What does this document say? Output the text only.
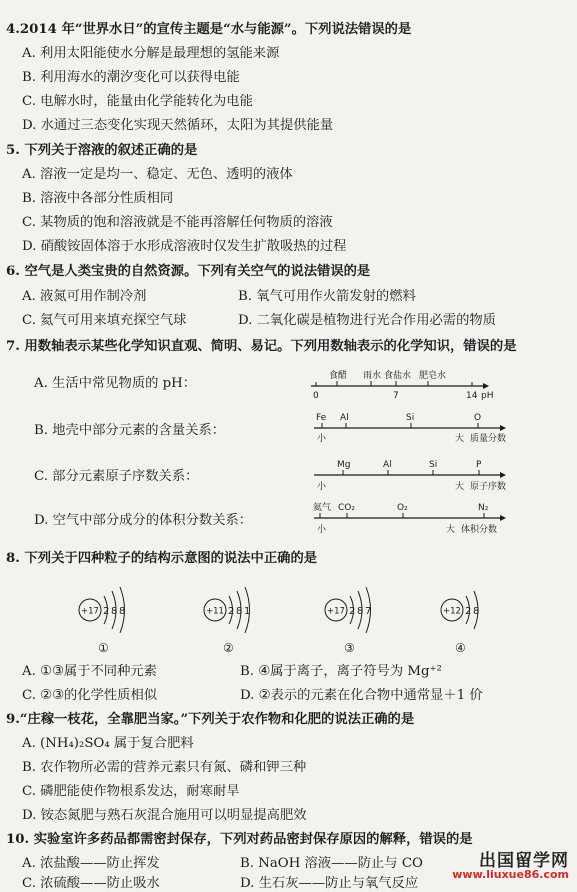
4.2014 年“世界水日”的宣传主题是“水与能源”。下列说法错误的是
A. 利用太阳能使水分解是最理想的氢能来源
B. 利用海水的潮汐变化可以获得电能
C. 电解水时，能量由化学能转化为电能
D. 水通过三态变化实现天然循环，太阳为其提供能量
5. 下列关于溶液的叙述正确的是
A. 溶液一定是均一、稳定、无色、透明的液体
B. 溶液中各部分性质相同
C. 某物质的饱和溶液就是不能再溶解任何物质的溶液
D. 硝酸铵固体溶于水形成溶液时仅发生扩散吸热的过程
6. 空气是人类宝贵的自然资源。下列有关空气的说法错误的是
A. 液氮可用作制冷剂	B. 氧气可用作火箭发射的燃料
C. 氦气可用来填充探空气球	D. 二氧化碳是植物进行光合作用必需的物质
7. 用数轴表示某些化学知识直观、简明、易记。下列用数轴表示的化学知识，错误的是
A. 生活中常见物质的 pH：
B. 地壳中部分元素的含量关系：
C. 部分元素原子序数关系：
D. 空气中部分成分的体积分数关系：
食醋 雨水 食盐水 肥皂水
0	7	14 pH
Fe Al	Si	O
小	大 质量分数
Mg	Al	Si	P
小	大 原子序数
氦气 CO₂	O₂	N₂
小	大 体积分数
8. 下列关于四种粒子的结构示意图的说法中正确的是
+17 2 8 8
①
+11 2 8 1
②
+17 2 8 7
③
+12 2 8
④
A. ①③属于不同种元素	B. ④属于离子，离子符号为 Mg⁺²
C. ②③的化学性质相似	D. ②表示的元素在化合物中通常显＋1 价
9.“庄稼一枝花，全靠肥当家。”下列关于农作物和化肥的说法正确的是
A. (NH₄)₂SO₄ 属于复合肥料
B. 农作物所必需的营养元素只有氮、磷和钾三种
C. 磷肥能使作物根系发达，耐寒耐旱
D. 铵态氮肥与熟石灰混合施用可以明显提高肥效
10. 实验室许多药品都需密封保存，下列对药品密封保存原因的解释，错误的是
A. 浓盐酸——防止挥发	B. NaOH 溶液——防止与 CO
C. 浓硫酸——防止吸水	D. 生石灰——防止与氧气反应
出国留学网
www.liuxue86.com
